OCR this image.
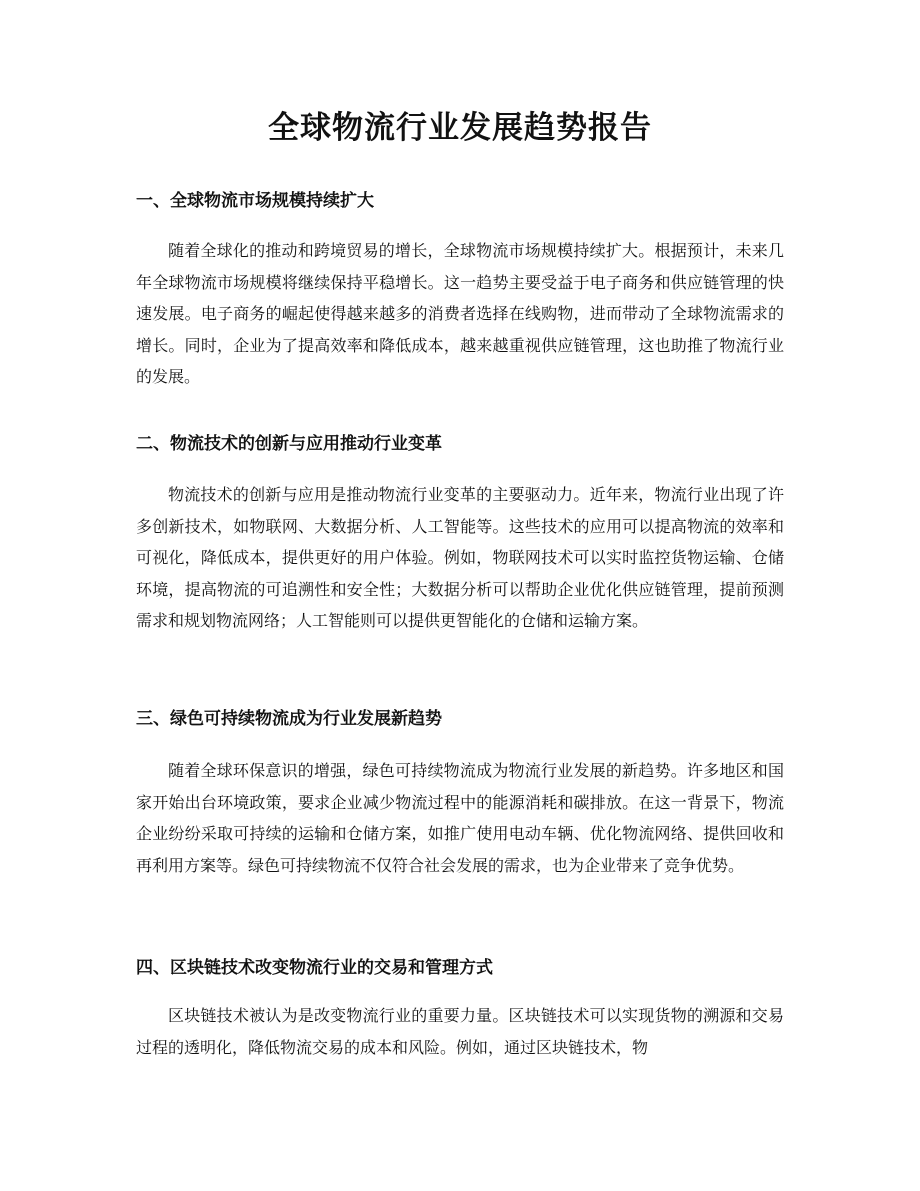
全球物流行业发展趋势报告
一、全球物流市场规模持续扩大

随着全球化的推动和跨境贸易的增长，全球物流市场规模持续扩大。根据预计，未来几年全球物流市场规模将继续保持平稳增长。这一趋势主要受益于电子商务和供应链管理的快速发展。电子商务的崛起使得越来越多的消费者选择在线购物，进而带动了全球物流需求的增长。同时，企业为了提高效率和降低成本，越来越重视供应链管理，这也助推了物流行业的发展。

二、物流技术的创新与应用推动行业变革

物流技术的创新与应用是推动物流行业变革的主要驱动力。近年来，物流行业出现了许多创新技术，如物联网、大数据分析、人工智能等。这些技术的应用可以提高物流的效率和可视化，降低成本，提供更好的用户体验。例如，物联网技术可以实时监控货物运输、仓储环境，提高物流的可追溯性和安全性；大数据分析可以帮助企业优化供应链管理，提前预测需求和规划物流网络；人工智能则可以提供更智能化的仓储和运输方案。

三、绿色可持续物流成为行业发展新趋势

随着全球环保意识的增强，绿色可持续物流成为物流行业发展的新趋势。许多地区和国家开始出台环境政策，要求企业减少物流过程中的能源消耗和碳排放。在这一背景下，物流企业纷纷采取可持续的运输和仓储方案，如推广使用电动车辆、优化物流网络、提供回收和再利用方案等。绿色可持续物流不仅符合社会发展的需求，也为企业带来了竞争优势。

四、区块链技术改变物流行业的交易和管理方式

区块链技术被认为是改变物流行业的重要力量。区块链技术可以实现货物的溯源和交易过程的透明化，降低物流交易的成本和风险。例如，通过区块链技术，物
